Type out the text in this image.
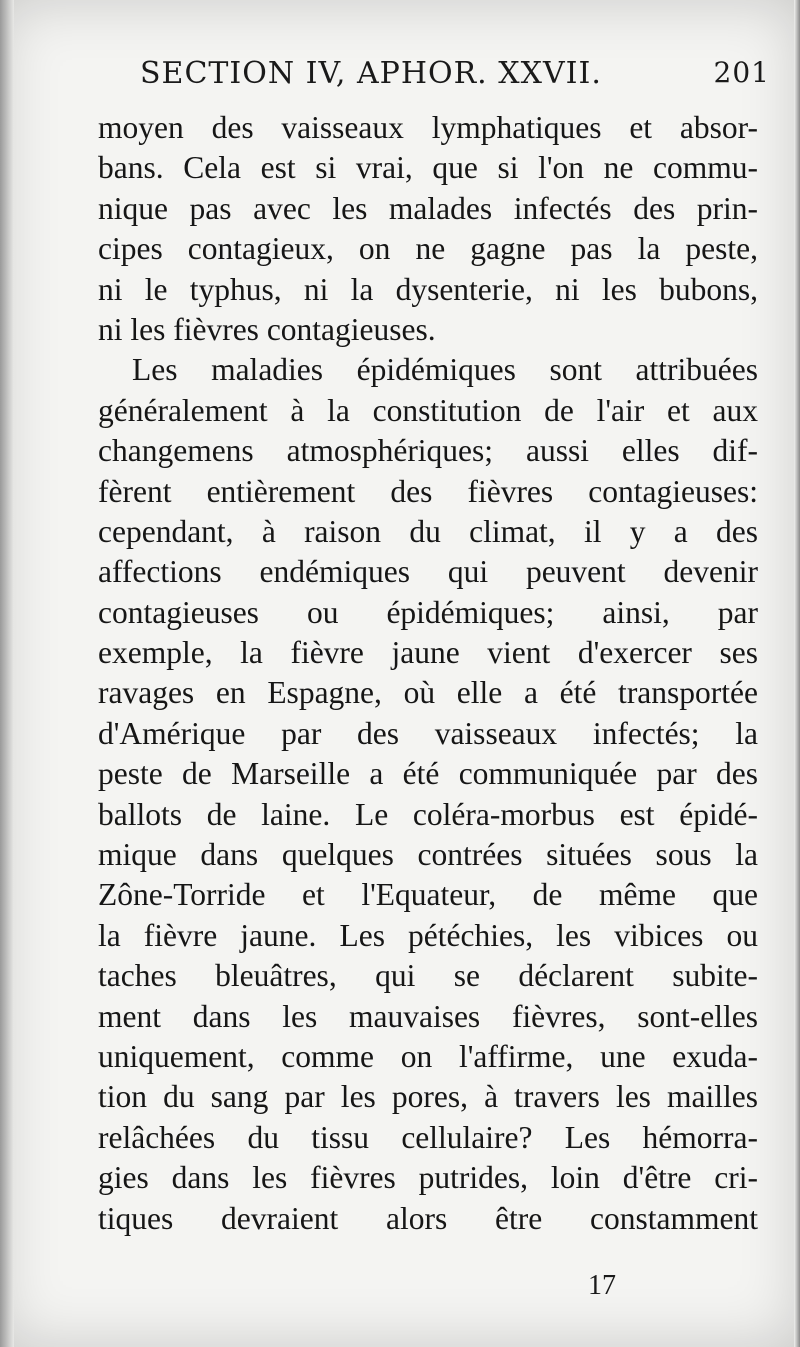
SECTION IV, APHOR. XXVII.	201
moyen des vaisseaux lymphatiques et absor-
bans. Cela est si vrai, que si l'on ne commu-
nique pas avec les malades infectés des prin-
cipes contagieux, on ne gagne pas la peste,
ni le typhus, ni la dysenterie, ni les bubons,
ni les fièvres contagieuses.
Les maladies épidémiques sont attribuées
généralement à la constitution de l'air et aux
changemens atmosphériques; aussi elles dif-
fèrent entièrement des fièvres contagieuses:
cependant, à raison du climat, il y a des
affections endémiques qui peuvent devenir
contagieuses ou épidémiques; ainsi, par
exemple, la fièvre jaune vient d'exercer ses
ravages en Espagne, où elle a été transportée
d'Amérique par des vaisseaux infectés; la
peste de Marseille a été communiquée par des
ballots de laine. Le coléra-morbus est épidé-
mique dans quelques contrées situées sous la
Zône-Torride et l'Equateur, de même que
la fièvre jaune. Les pétéchies, les vibices ou
taches bleuâtres, qui se déclarent subite-
ment dans les mauvaises fièvres, sont-elles
uniquement, comme on l'affirme, une exuda-
tion du sang par les pores, à travers les mailles
relâchées du tissu cellulaire? Les hémorra-
gies dans les fièvres putrides, loin d'être cri-
tiques devraient alors être constamment
17
